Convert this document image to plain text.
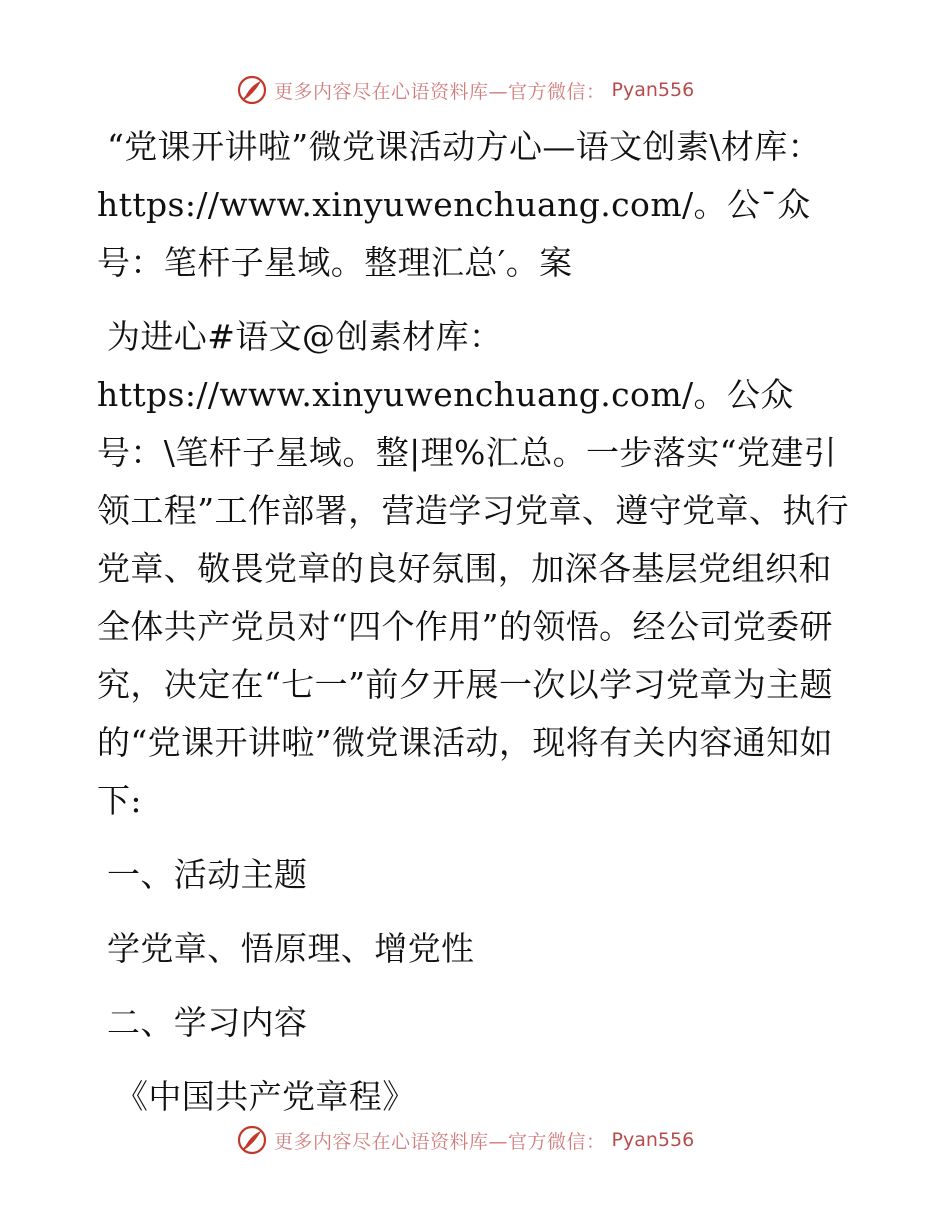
更多内容尽在心语资料库—官方微信： Pyan556

“党课开讲啦”微党课活动方心—语文创素\材库：https://www.xinyuwenchuang.com/。公¯众号：笔杆子星域。整理汇总′。案

为进心#语文@创素材库：https://www.xinyuwenchuang.com/。公众号：\笔杆子星域。整|理%汇总。一步落实“党建引领工程”工作部署，营造学习党章、遵守党章、执行党章、敬畏党章的良好氛围，加深各基层党组织和全体共产党员对“四个作用”的领悟。经公司党委研究，决定在“七一”前夕开展一次以学习党章为主题的“党课开讲啦”微党课活动，现将有关内容通知如下:

一、活动主题

学党章、悟原理、增党性

二、学习内容

《中国共产党章程》

更多内容尽在心语资料库—官方微信： Pyan556
